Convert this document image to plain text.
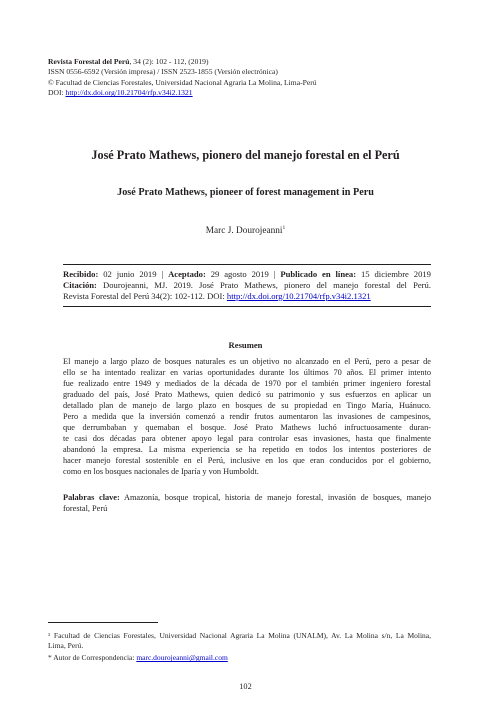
Revista Forestal del Perú, 34 (2): 102 - 112, (2019)
ISSN 0556-6592 (Versión impresa) / ISSN 2523-1855 (Versión electrónica)
© Facultad de Ciencias Forestales, Universidad Nacional Agraria La Molina, Lima-Perú
DOI: http://dx.doi.org/10.21704/rfp.v34i2.1321
José Prato Mathews, pionero del manejo forestal en el Perú
José Prato Mathews, pioneer of forest management in Peru
Marc J. Dourojeanni$^1$
Recibido: 02 junio 2019 | Aceptado: 29 agosto 2019 | Publicado en línea: 15 diciembre 2019
Citación: Dourojeanni, MJ. 2019. José Prato Mathews, pionero del manejo forestal del Perú.
Revista Forestal del Perú 34(2): 102-112. DOI: http://dx.doi.org/10.21704/rfp.v34i2.1321
Resumen
El manejo a largo plazo de bosques naturales es un objetivo no alcanzado en el Perú, pero a pesar de
ello se ha intentado realizar en varias oportunidades durante los últimos 70 años. El primer intento
fue realizado entre 1949 y mediados de la década de 1970 por el también primer ingeniero forestal
graduado del país, José Prato Mathews, quien dedicó su patrimonio y sus esfuerzos en aplicar un
detallado plan de manejo de largo plazo en bosques de su propiedad en Tingo María, Huánuco.
Pero a medida que la inversión comenzó a rendir frutos aumentaron las invasiones de campesinos,
que derrumbaban y quemaban el bosque. José Prato Mathews luchó infructuosamente duran-
te casi dos décadas para obtener apoyo legal para controlar esas invasiones, hasta que finalmente
abandonó la empresa. La misma experiencia se ha repetido en todos los intentos posteriores de
hacer manejo forestal sostenible en el Perú, inclusive en los que eran conducidos por el gobierno,
como en los bosques nacionales de Iparía y von Humboldt.
Palabras clave: Amazonía, bosque tropical, historia de manejo forestal, invasión de bosques, manejo
forestal, Perú
¹ Facultad de Ciencias Forestales, Universidad Nacional Agraria La Molina (UNALM), Av. La Molina s/n, La Molina,
Lima, Perú.
* Autor de Correspondencia: marc.dourojeanni@gmail.com
102
